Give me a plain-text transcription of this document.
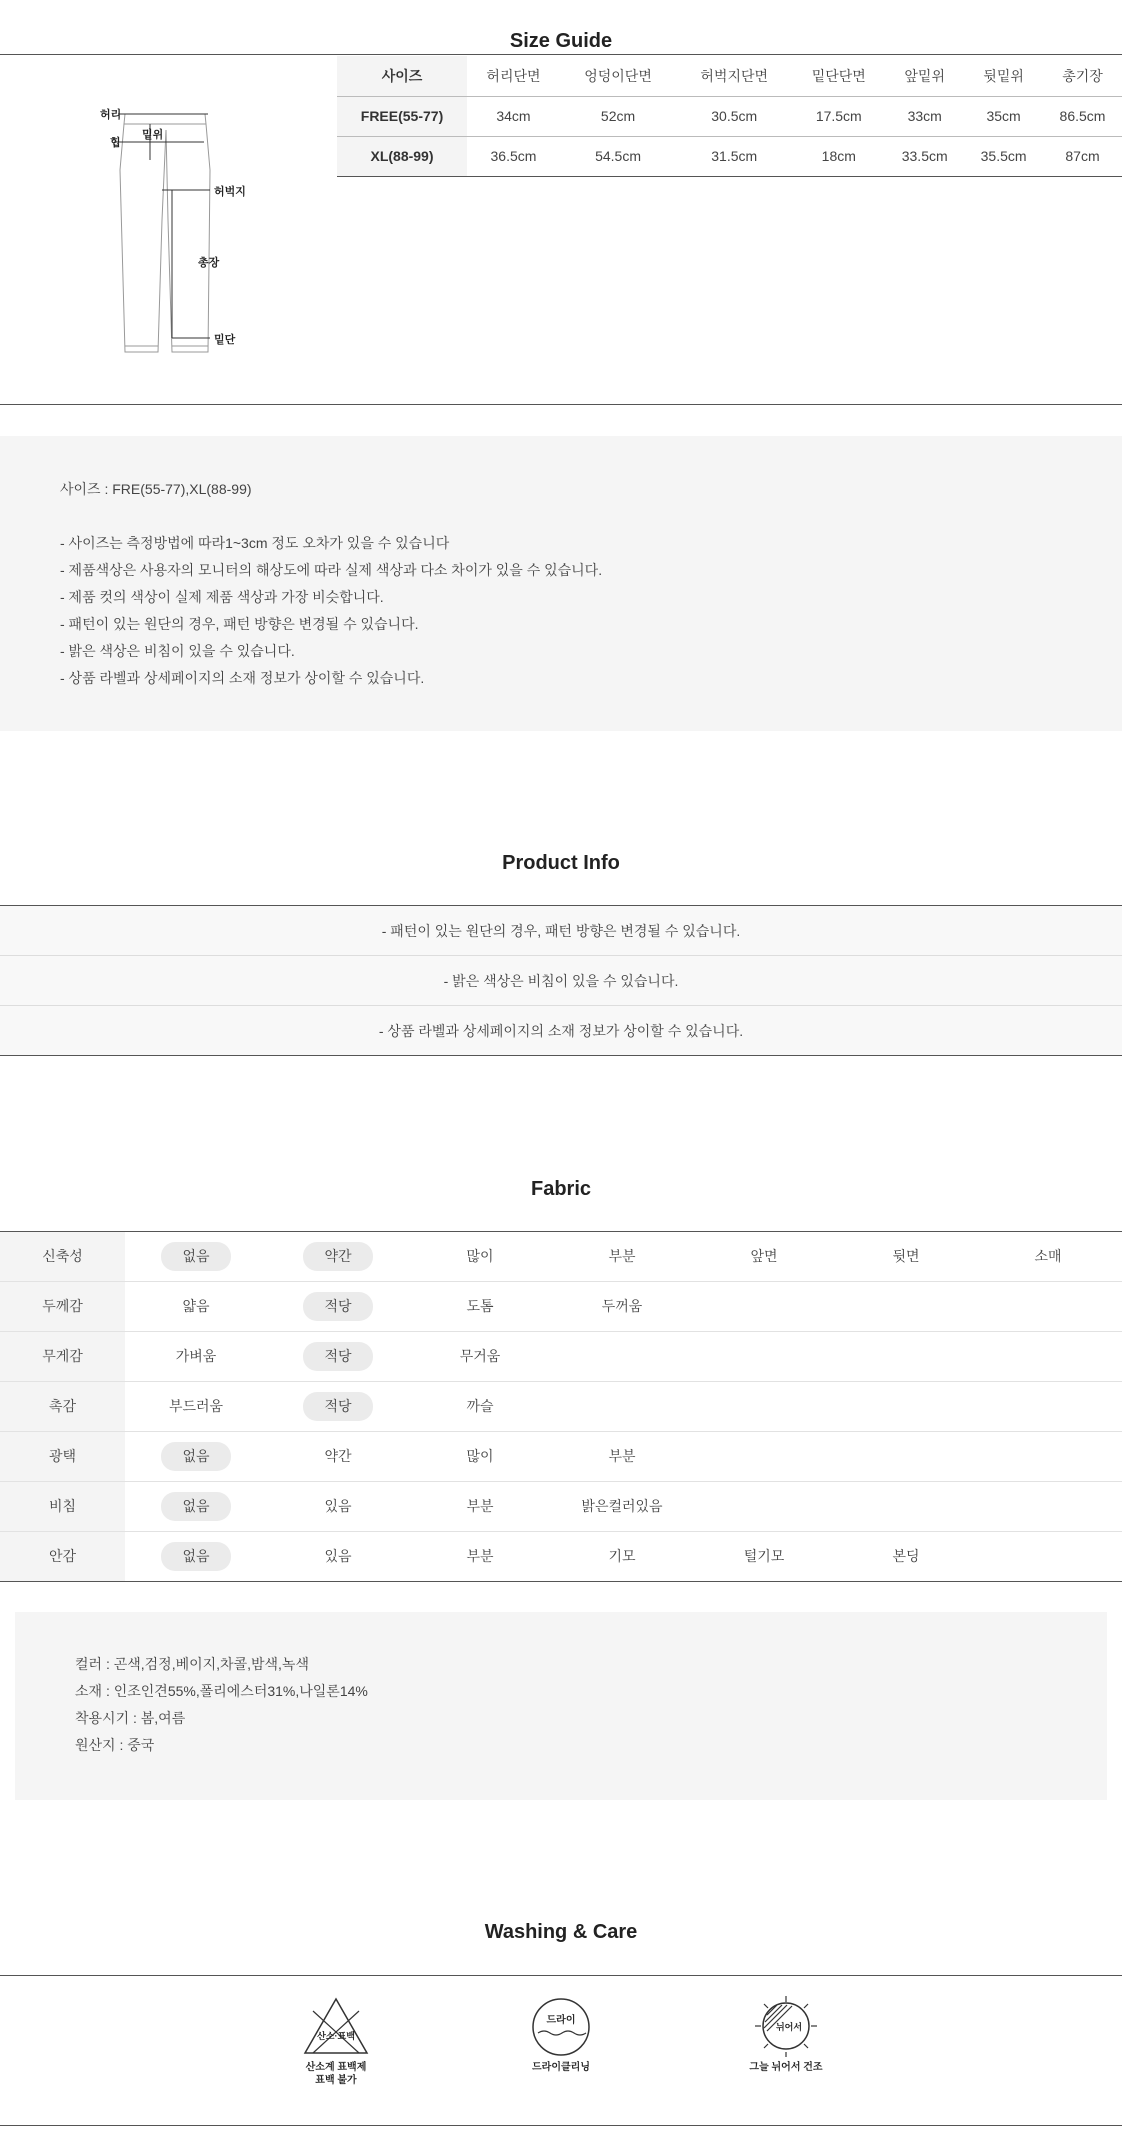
Size Guide
허리
밑위
힙
허벅지
총장
밑단
사이즈	허리단면	엉덩이단면	허벅지단면	밑단단면	앞밑위	뒷밑위	총기장
FREE(55-77)	34cm	52cm	30.5cm	17.5cm	33cm	35cm	86.5cm
XL(88-99)	36.5cm	54.5cm	31.5cm	18cm	33.5cm	35.5cm	87cm
사이즈 : FRE(55-77),XL(88-99)
- 사이즈는 측정방법에 따라1~3cm 정도 오차가 있을 수 있습니다
- 제품색상은 사용자의 모니터의 해상도에 따라 실제 색상과 다소 차이가 있을 수 있습니다.
- 제품 컷의 색상이 실제 제품 색상과 가장 비슷합니다.
- 패턴이 있는 원단의 경우, 패턴 방향은 변경될 수 있습니다.
- 밝은 색상은 비침이 있을 수 있습니다.
- 상품 라벨과 상세페이지의 소재 정보가 상이할 수 있습니다.
Product Info
- 패턴이 있는 원단의 경우, 패턴 방향은 변경될 수 있습니다.
- 밝은 색상은 비침이 있을 수 있습니다.
- 상품 라벨과 상세페이지의 소재 정보가 상이할 수 있습니다.
Fabric
신축성	없음	약간	많이	부분	앞면	뒷면	소매
두께감	얇음	적당	도톰	두꺼움
무게감	가벼움	적당	무거움
촉감	부드러움	적당	까슬
광택	없음	약간	많이	부분
비침	없음	있음	부분	밝은컬러있음
안감	없음	있음	부분	기모	털기모	본딩
컬러 : 곤색,검정,베이지,차콜,밤색,녹색
소재 : 인조인견55%,폴리에스터31%,나일론14%
착용시기 : 봄,여름
원산지 : 중국
Washing & Care
산소·표백
산소계 표백제
표백 불가
드라이
드라이클리닝
뉘어서
그늘 뉘어서 건조
